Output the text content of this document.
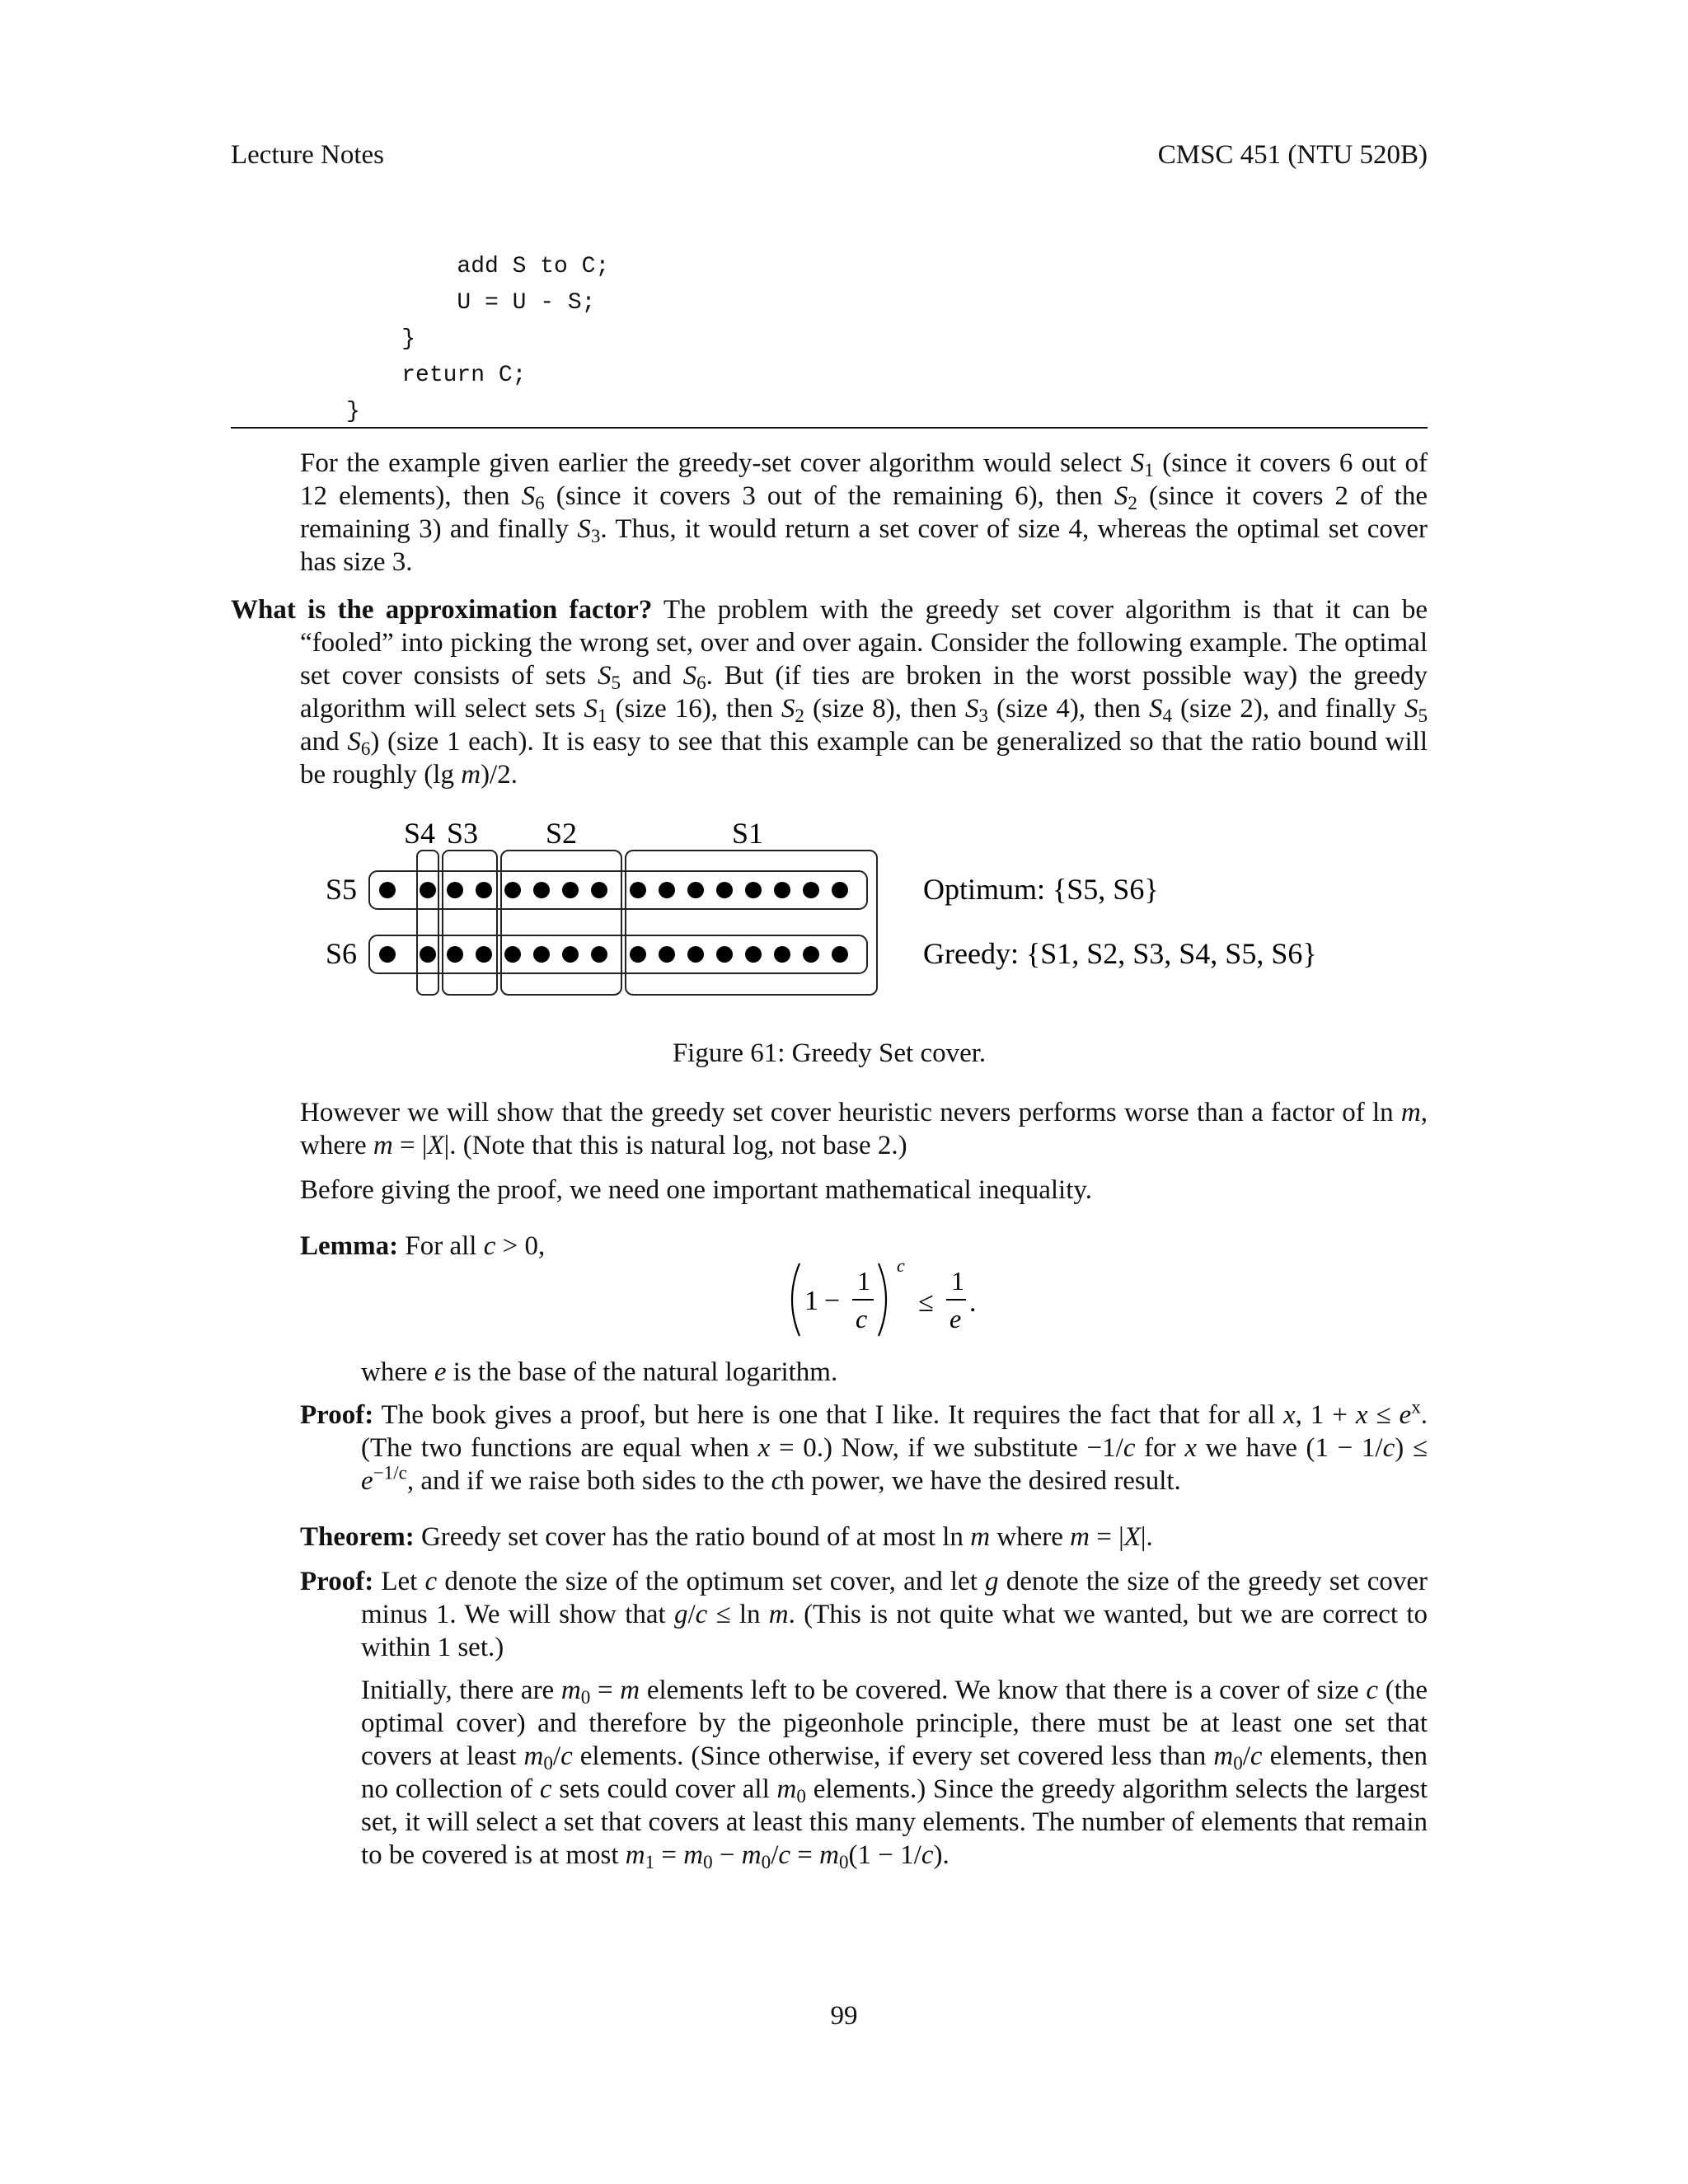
Lecture Notes	CMSC 451 (NTU 520B)
add S to C;
U = U - S;
}
return C;
}

For the example given earlier the greedy-set cover algorithm would select $S_1$ (since it covers 6 out of 12 elements), then $S_6$ (since it covers 3 out of the remaining 6), then $S_2$ (since it covers 2 of the remaining 3) and finally $S_3$. Thus, it would return a set cover of size 4, whereas the optimal set cover has size 3.

What is the approximation factor? The problem with the greedy set cover algorithm is that it can be “fooled” into picking the wrong set, over and over again. Consider the following example. The optimal set cover consists of sets $S_5$ and $S_6$. But (if ties are broken in the worst possible way) the greedy algorithm will select sets $S_1$ (size 16), then $S_2$ (size 8), then $S_3$ (size 4), then $S_4$ (size 2), and finally $S_5$ and $S_6$) (size 1 each). It is easy to see that this example can be generalized so that the ratio bound will be roughly (lg m)/2.

S4 S3 S2	S1
S5
S6
Optimum: {S5, S6}
Greedy: {S1, S2, S3, S4, S5, S6}

Figure 61: Greedy Set cover.

However we will show that the greedy set cover heuristic nevers performs worse than a factor of ln m, where m = |X|. (Note that this is natural log, not base 2.)

Before giving the proof, we need one important mathematical inequality.

Lemma: For all c > 0,

1 −
1
c
c
≤
1
e
.

where e is the base of the natural logarithm.

Proof: The book gives a proof, but here is one that I like. It requires the fact that for all x, $1 + x \le e^x$. (The two functions are equal when x = 0.) Now, if we substitute −1/c for x we have $(1 - 1/c) \le e^{-1/c}$, and if we raise both sides to the cth power, we have the desired result.

Theorem: Greedy set cover has the ratio bound of at most ln m where m = |X|.

Proof: Let c denote the size of the optimum set cover, and let g denote the size of the greedy set cover minus 1. We will show that g/c ≤ ln m. (This is not quite what we wanted, but we are correct to within 1 set.)

Initially, there are $m_0 = m$ elements left to be covered. We know that there is a cover of size c (the optimal cover) and therefore by the pigeonhole principle, there must be at least one set that covers at least $m_0/c$ elements. (Since otherwise, if every set covered less than $m_0/c$ elements, then no collection of c sets could cover all $m_0$ elements.) Since the greedy algorithm selects the largest set, it will select a set that covers at least this many elements. The number of elements that remain to be covered is at most $m_1 = m_0 - m_0/c = m_0(1 - 1/c)$.

99
